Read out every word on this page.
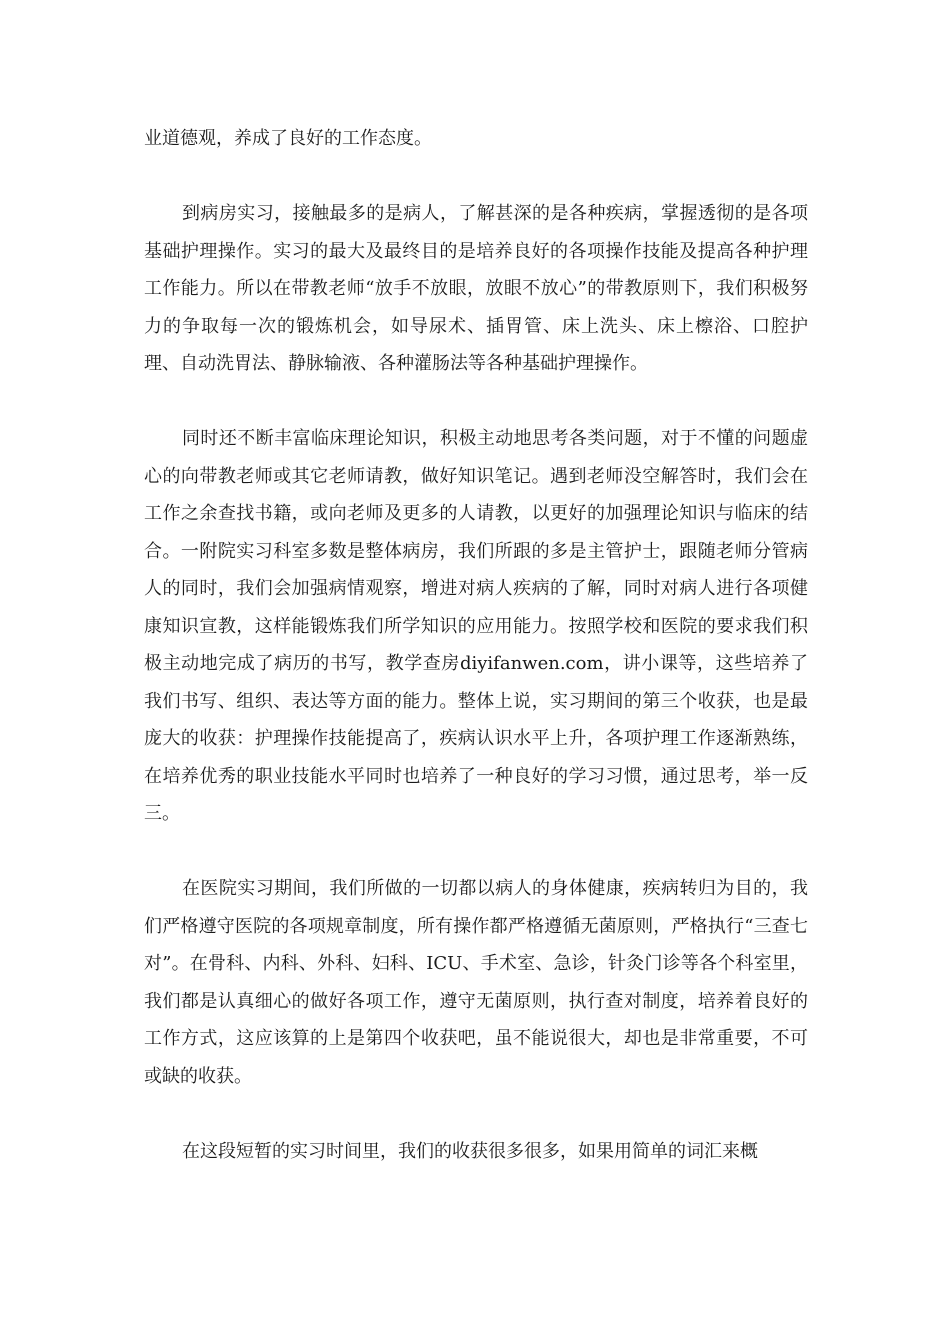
业道德观，养成了良好的工作态度。

到病房实习，接触最多的是病人，了解甚深的是各种疾病，掌握透彻的是各项基础护理操作。实习的最大及最终目的是培养良好的各项操作技能及提高各种护理工作能力。所以在带教老师“放手不放眼，放眼不放心”的带教原则下，我们积极努力的争取每一次的锻炼机会，如导尿术、插胃管、床上洗头、床上檫浴、口腔护理、自动洗胃法、静脉输液、各种灌肠法等各种基础护理操作。

同时还不断丰富临床理论知识，积极主动地思考各类问题，对于不懂的问题虚心的向带教老师或其它老师请教，做好知识笔记。遇到老师没空解答时，我们会在工作之余查找书籍，或向老师及更多的人请教，以更好的加强理论知识与临床的结合。一附院实习科室多数是整体病房，我们所跟的多是主管护士，跟随老师分管病人的同时，我们会加强病情观察，增进对病人疾病的了解，同时对病人进行各项健康知识宣教，这样能锻炼我们所学知识的应用能力。按照学校和医院的要求我们积极主动地完成了病历的书写，教学查房diyifanwen.com，讲小课等，这些培养了我们书写、组织、表达等方面的能力。整体上说，实习期间的第三个收获，也是最庞大的收获：护理操作技能提高了，疾病认识水平上升，各项护理工作逐渐熟练，在培养优秀的职业技能水平同时也培养了一种良好的学习习惯，通过思考，举一反三。

在医院实习期间，我们所做的一切都以病人的身体健康，疾病转归为目的，我们严格遵守医院的各项规章制度，所有操作都严格遵循无菌原则，严格执行“三查七对”。在骨科、内科、外科、妇科、ICU、手术室、急诊，针灸门诊等各个科室里，我们都是认真细心的做好各项工作，遵守无菌原则，执行查对制度，培养着良好的工作方式，这应该算的上是第四个收获吧，虽不能说很大，却也是非常重要，不可或缺的收获。

在这段短暂的实习时间里，我们的收获很多很多，如果用简单的词汇来概
